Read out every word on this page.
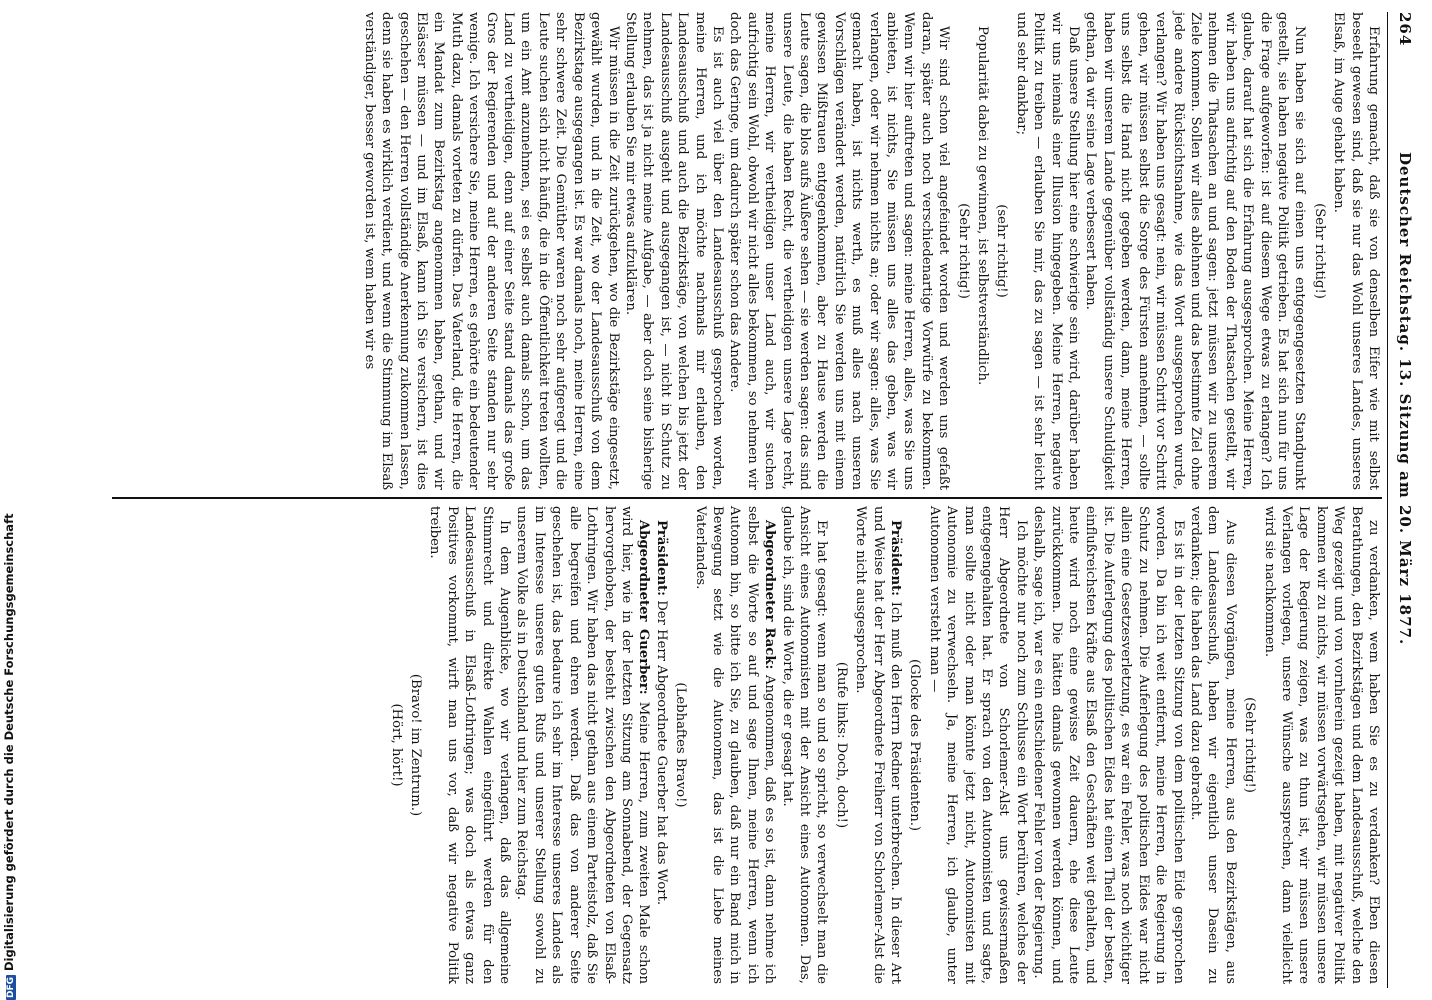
264
Deutscher Reichstag. 13. Sitzung am 20. März 1877.
Erfahrung gemacht, daß sie von denselben Eifer wie mit selbst beseelt gewesen sind, daß sie nur das Wohl unseres Landes, unseres Elsaß, im Auge gehabt haben.
(Sehr richtig!)
Nun haben sie sich auf einen uns entgegengesetzten Standpunkt gestellt, sie haben negative Politik getrieben. Es hat sich nun für uns die Frage aufgeworfen: ist auf diesem Wege etwas zu erlangen? Ich glaube, darauf hat sich die Erfahrung ausgesprochen. Meine Herren, wir haben uns aufrichtig auf den Boden der Thatsachen gestellt, wir nehmen die Thatsachen an und sagen: jetzt müssen wir zu unserem Ziele kommen. Sollen wir alles ablehnen und das bestimmte Ziel ohne jede andere Rücksichtsnahme, wie das Wort ausgesprochen wurde, verlangen? Wir haben uns gesagt: nein, wir müssen Schritt vor Schritt gehen, wir müssen selbst die Sorge des Fürsten annehmen, — sollte uns selbst die Hand nicht gegeben werden, dann, meine Herren, haben wir unserem Lande gegenüber vollständig unsere Schuldigkeit gethan, da wir seine Lage verbessert haben.
Daß unsere Stellung hier eine schwierige sein wird, darüber haben wir uns niemals einer Illusion hingegeben. Meine Herren, negative Politik zu treiben — erlauben Sie mir, das zu sagen — ist sehr leicht und sehr dankbar;
(sehr richtig!)
Popularität dabei zu gewinnen, ist selbstverständlich.
(Sehr richtig!)
Wir sind schon viel angefeindet worden und werden uns gefaßt daran, später auch noch verschiedenartige Vorwürfe zu bekommen. Wenn wir hier auftreten und sagen: meine Herren, alles, was Sie uns anbieten, ist nichts, Sie müssen uns alles das geben, was wir verlangen, oder wir nehmen nichts an; oder wir sagen: alles, was Sie gemacht haben, ist nichts werth, es muß alles nach unseren Vorschlägen verändert werden, natürlich Sie werden uns mit einem gewissen Mißtrauen entgegenkommen, aber zu Hause werden die Leute sagen, die blos aufs Äußere sehen — sie werden sagen: das sind unsere Leute, die haben Recht, die vertheidigen unsere Lage recht, meine Herren, wir vertheidigen unser Land auch, wir suchen aufrichtig sein Wohl, obwohl wir nicht alles bekommen, so nehmen wir doch das Geringe, um dadurch später schon das Andere.
Es ist auch viel über den Landesausschuß gesprochen worden, meine Herren, und ich möchte nachmals mir erlauben, den Landesausschuß und auch die Bezirkstäge, von welchen bis jetzt der Landesausschuß ausgeht und ausgegangen ist, — nicht in Schutz zu nehmen, das ist ja nicht meine Aufgabe, — aber doch seine bisherige Stellung erlauben Sie mir etwas aufzuklären.
Wir müssen in die Zeit zurückgehen, wo die Bezirkstäge eingesetzt, gewählt wurden, und in die Zeit, wo der Landesausschuß von dem Bezirkstage ausgegangen ist. Es war damals noch, meine Herren, eine sehr schwere Zeit. Die Gemüther waren noch sehr aufgeregt und die Leute suchen sich nicht häufig, die in die Öffentlichkeit treten wollten, um ein Amt anzunehmen, sei es selbst auch damals schon, um das Land zu vertheidigen, denn auf einer Seite stand damals das große Gros der Regierenden und auf der anderen Seite standen nur sehr wenige. Ich versichere Sie, meine Herren, es gehörte ein bedeutender Muth dazu, damals vorteten zu dürfen. Das Vaterland, die Herren, die ein Mandat zum Bezirkstag angenommen haben, gethan, und wir Elsässer müssen — und im Elsaß, kann ich Sie versichern, ist dies geschehen — den Herren vollständige Anerkennung zukommen lassen, denn sie haben es wirklich verdient, und wenn die Stimmung im Elsaß verständiger, besser geworden ist, wem haben wir es
zu verdanken, wem haben Sie es zu verdanken? Eben diesen Berathungen, den Bezirkstägen und dem Landesausschuß, welche den Weg gezeigt und von vornherein gezeigt haben, mit negativer Politik kommen wir zu nichts, wir müssen vorwärtsgehen, wir müssen unsere Lage der Regierung zeigen, was zu thun ist, wir müssen unsere Verlangen vorlegen, unsere Wünsche aussprechen, dann vielleicht wird sie nachkommen.
(Sehr richtig!)
Aus diesen Vorgängen, meine Herren, aus den Bezirkstägen, aus dem Landesausschuß, haben wir eigentlich unser Dasein zu verdanken; die haben das Land dazu gebracht.
Es ist in der letzten Sitzung von dem politischen Eide gesprochen worden. Da bin ich weit entfernt, meine Herren, die Regierung in Schutz zu nehmen. Die Auferlegung des politischen Eides war nicht allein eine Gesetzesverletzung, es war ein Fehler, was noch wichtiger ist. Die Auferlegung des politischen Eides hat einen Theil der besten, einflußreichsten Kräfte aus Elsaß den Geschäften weit gehalten, und heute wird noch eine gewisse Zeit dauern, ehe diese Leute zurückkommen. Die hätten damals gewonnen werden können, und deshalb, sage ich, war es ein entschiedener Fehler von der Regierung.
Ich möchte nur noch zum Schlusse ein Wort berühren, welches der Herr Abgeordnete von Schorlemer-Alst uns gewissermaßen entgegengehalten hat. Er sprach von den Autonomisten und sagte, man sollte nicht oder man könnte jetzt nicht, Autonomisten mit Autonomie zu verwechseln. Ja, meine Herren, ich glaube, unter Autonomen versteht man —
(Glocke des Präsidenten.)
Präsident: Ich muß den Herrn Redner unterbrechen. In dieser Art und Weise hat der Herr Abgeordnete Freiherr von Schorlemer-Alst die Worte nicht ausgesprochen.
(Rufe links: Doch, doch!)
Er hat gesagt: wenn man so und so spricht, so verwechselt man die Ansicht eines Autonomisten mit der Ansicht eines Autonomen. Das, glaube ich, sind die Worte, die er gesagt hat.
Abgeordneter Rack: Angenommen, daß es so ist, dann nehme ich selbst die Worte so auf und sage Ihnen, meine Herren, wenn ich Autonom bin, so bitte ich Sie, zu glauben, daß nur ein Band mich in Bewegung setzt wie die Autonomen, das ist die Liebe meines Vaterlandes.
(Lebhaftes Bravo!)
Präsident: Der Herr Abgeordnete Guerber hat das Wort.
Abgeordneter Guerber: Meine Herren, zum zweiten Male schon wird hier, wie in der letzten Sitzung am Sonnabend, der Gegensatz hervorgehoben, der besteht zwischen den Abgeordneten von Elsaß-Lothringen. Wir haben das nicht gethan aus einem Parteistolz, daß Sie alle begreifen und ehren werden. Daß das von anderer Seite geschehen ist, das bedaure ich sehr im Interesse unseres Landes als im Interesse unseres guten Rufs und unserer Stellung sowohl zu unserem Volke als in Deutschland und hier zum Reichstag.
In dem Augenblicke, wo wir verlangen, daß das allgemeine Stimmrecht und direkte Wahlen eingeführt werden für den Landesausschuß in Elsaß-Lothringen; was doch als etwas ganz Positives vorkommt, wirft man uns vor, daß wir negative Politik treiben.
(Bravo! im Zentrum.)
(Hört, hört!)
DFGDigitalisierung gefördert durch die Deutsche Forschungsgemeinschaft
